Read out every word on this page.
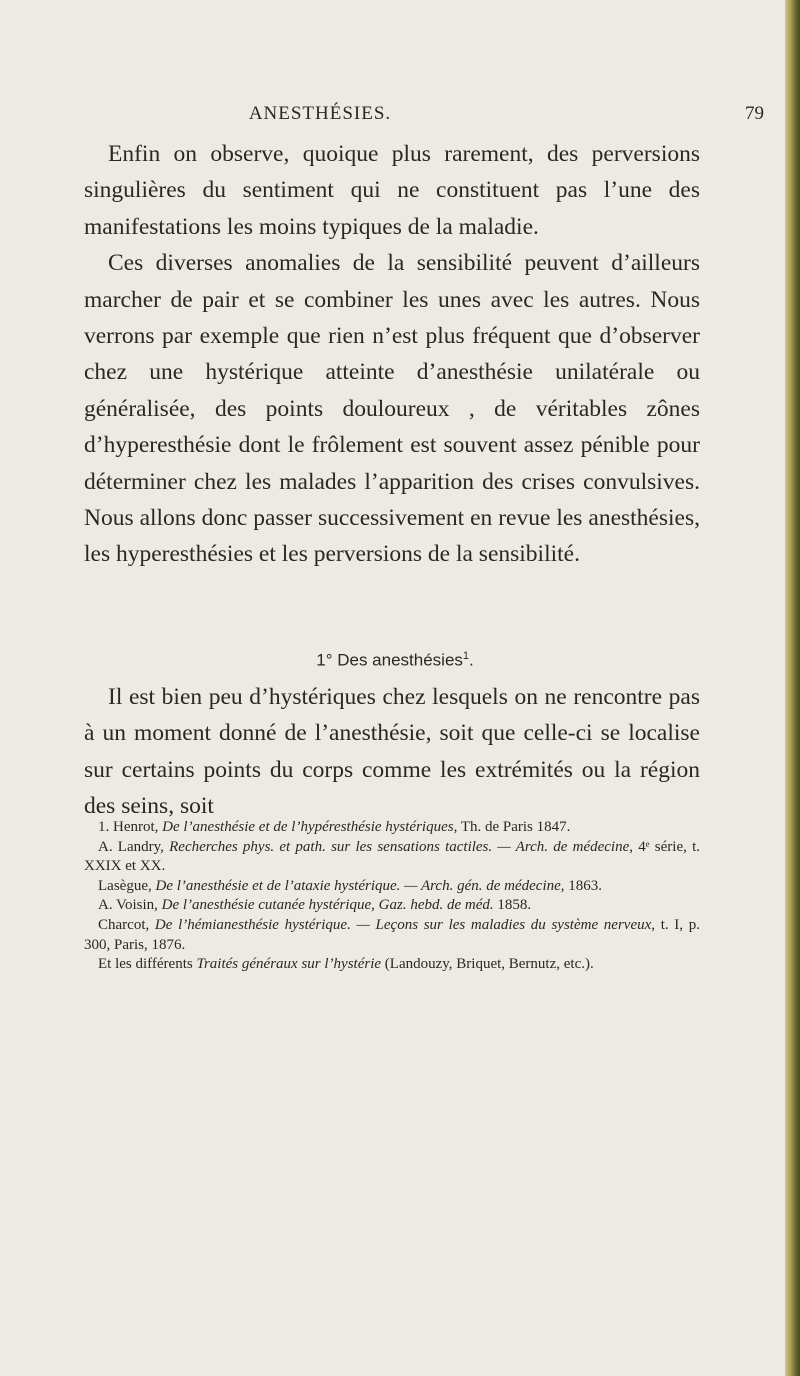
ANESTHÉSIES.	79

Enfin on observe, quoique plus rarement, des perversions singulières du sentiment qui ne constituent pas l’une des manifestations les moins typiques de la maladie.

Ces diverses anomalies de la sensibilité peuvent d’ailleurs marcher de pair et se combiner les unes avec les autres. Nous verrons par exemple que rien n’est plus fréquent que d’observer chez une hystérique atteinte d’anesthésie unilatérale ou généralisée, des points douloureux , de véritables zônes d’hyperesthésie dont le frôlement est souvent assez pénible pour déterminer chez les malades l’apparition des crises convulsives. Nous allons donc passer successivement en revue les anesthésies, les hyperesthésies et les perversions de la sensibilité.

1° Des anesthésies$^1$.

Il est bien peu d’hystériques chez lesquels on ne rencontre pas à un moment donné de l’anesthésie, soit que celle-ci se localise sur certains points du corps comme les extrémités ou la région des seins, soit

1. Henrot, De l’anesthésie et de l’hypéresthésie hystériques, Th. de Paris 1847.

A. Landry, Recherches phys. et path. sur les sensations tactiles. — Arch. de médecine, 4ᵉ série, t. XXIX et XX.

Lasègue, De l’anesthésie et de l’ataxie hystérique. — Arch. gén. de médecine, 1863.

A. Voisin, De l’anesthésie cutanée hystérique, Gaz. hebd. de méd. 1858.

Charcot, De l’hémianesthésie hystérique. — Leçons sur les maladies du système nerveux, t. I, p. 300, Paris, 1876.

Et les différents Traités généraux sur l’hystérie (Landouzy, Briquet, Bernutz, etc.).
